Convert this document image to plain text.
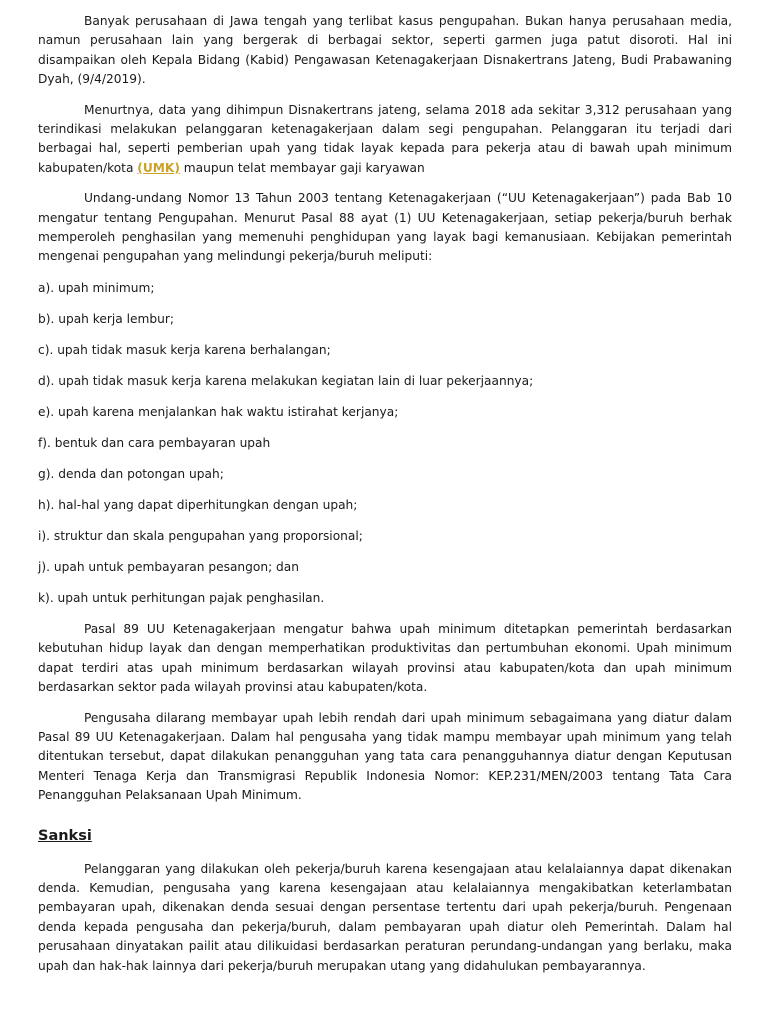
Banyak perusahaan di Jawa tengah yang terlibat kasus pengupahan. Bukan hanya perusahaan media, namun perusahaan lain yang bergerak di berbagai sektor, seperti garmen juga patut disoroti. Hal ini disampaikan oleh Kepala Bidang (Kabid) Pengawasan Ketenagakerjaan Disnakertrans Jateng, Budi Prabawaning Dyah, (9/4/2019).

Menurtnya, data yang dihimpun Disnakertrans jateng, selama 2018 ada sekitar 3,312 perusahaan yang terindikasi melakukan pelanggaran ketenagakerjaan dalam segi pengupahan. Pelanggaran itu terjadi dari berbagai hal, seperti pemberian upah yang tidak layak kepada para pekerja atau di bawah upah minimum kabupaten/kota (UMK) maupun telat membayar gaji karyawan

Undang-undang Nomor 13 Tahun 2003 tentang Ketenagakerjaan (“UU Ketenagakerjaan”) pada Bab 10 mengatur tentang Pengupahan. Menurut Pasal 88 ayat (1) UU Ketenagakerjaan, setiap pekerja/buruh berhak memperoleh penghasilan yang memenuhi penghidupan yang layak bagi kemanusiaan. Kebijakan pemerintah mengenai pengupahan yang melindungi pekerja/buruh meliputi:

a). upah minimum;

b). upah kerja lembur;

c). upah tidak masuk kerja karena berhalangan;

d). upah tidak masuk kerja karena melakukan kegiatan lain di luar pekerjaannya;

e). upah karena menjalankan hak waktu istirahat kerjanya;

f). bentuk dan cara pembayaran upah

g). denda dan potongan upah;

h). hal-hal yang dapat diperhitungkan dengan upah;

i). struktur dan skala pengupahan yang proporsional;

j). upah untuk pembayaran pesangon; dan

k). upah untuk perhitungan pajak penghasilan.

Pasal 89 UU Ketenagakerjaan mengatur bahwa upah minimum ditetapkan pemerintah berdasarkan kebutuhan hidup layak dan dengan memperhatikan produktivitas dan pertumbuhan ekonomi. Upah minimum dapat terdiri atas upah minimum berdasarkan wilayah provinsi atau kabupaten/kota dan upah minimum berdasarkan sektor pada wilayah provinsi atau kabupaten/kota.

Pengusaha dilarang membayar upah lebih rendah dari upah minimum sebagaimana yang diatur dalam Pasal 89 UU Ketenagakerjaan. Dalam hal pengusaha yang tidak mampu membayar upah minimum yang telah ditentukan tersebut, dapat dilakukan penangguhan yang tata cara penangguhannya diatur dengan Keputusan Menteri Tenaga Kerja dan Transmigrasi Republik Indonesia Nomor: KEP.231/MEN/2003 tentang Tata Cara Penangguhan Pelaksanaan Upah Minimum.

Sanksi

Pelanggaran yang dilakukan oleh pekerja/buruh karena kesengajaan atau kelalaiannya dapat dikenakan denda. Kemudian, pengusaha yang karena kesengajaan atau kelalaiannya mengakibatkan keterlambatan pembayaran upah, dikenakan denda sesuai dengan persentase tertentu dari upah pekerja/buruh. Pengenaan denda kepada pengusaha dan pekerja/buruh, dalam pembayaran upah diatur oleh Pemerintah. Dalam hal perusahaan dinyatakan pailit atau dilikuidasi berdasarkan peraturan perundang-undangan yang berlaku, maka upah dan hak-hak lainnya dari pekerja/buruh merupakan utang yang didahulukan pembayarannya.
